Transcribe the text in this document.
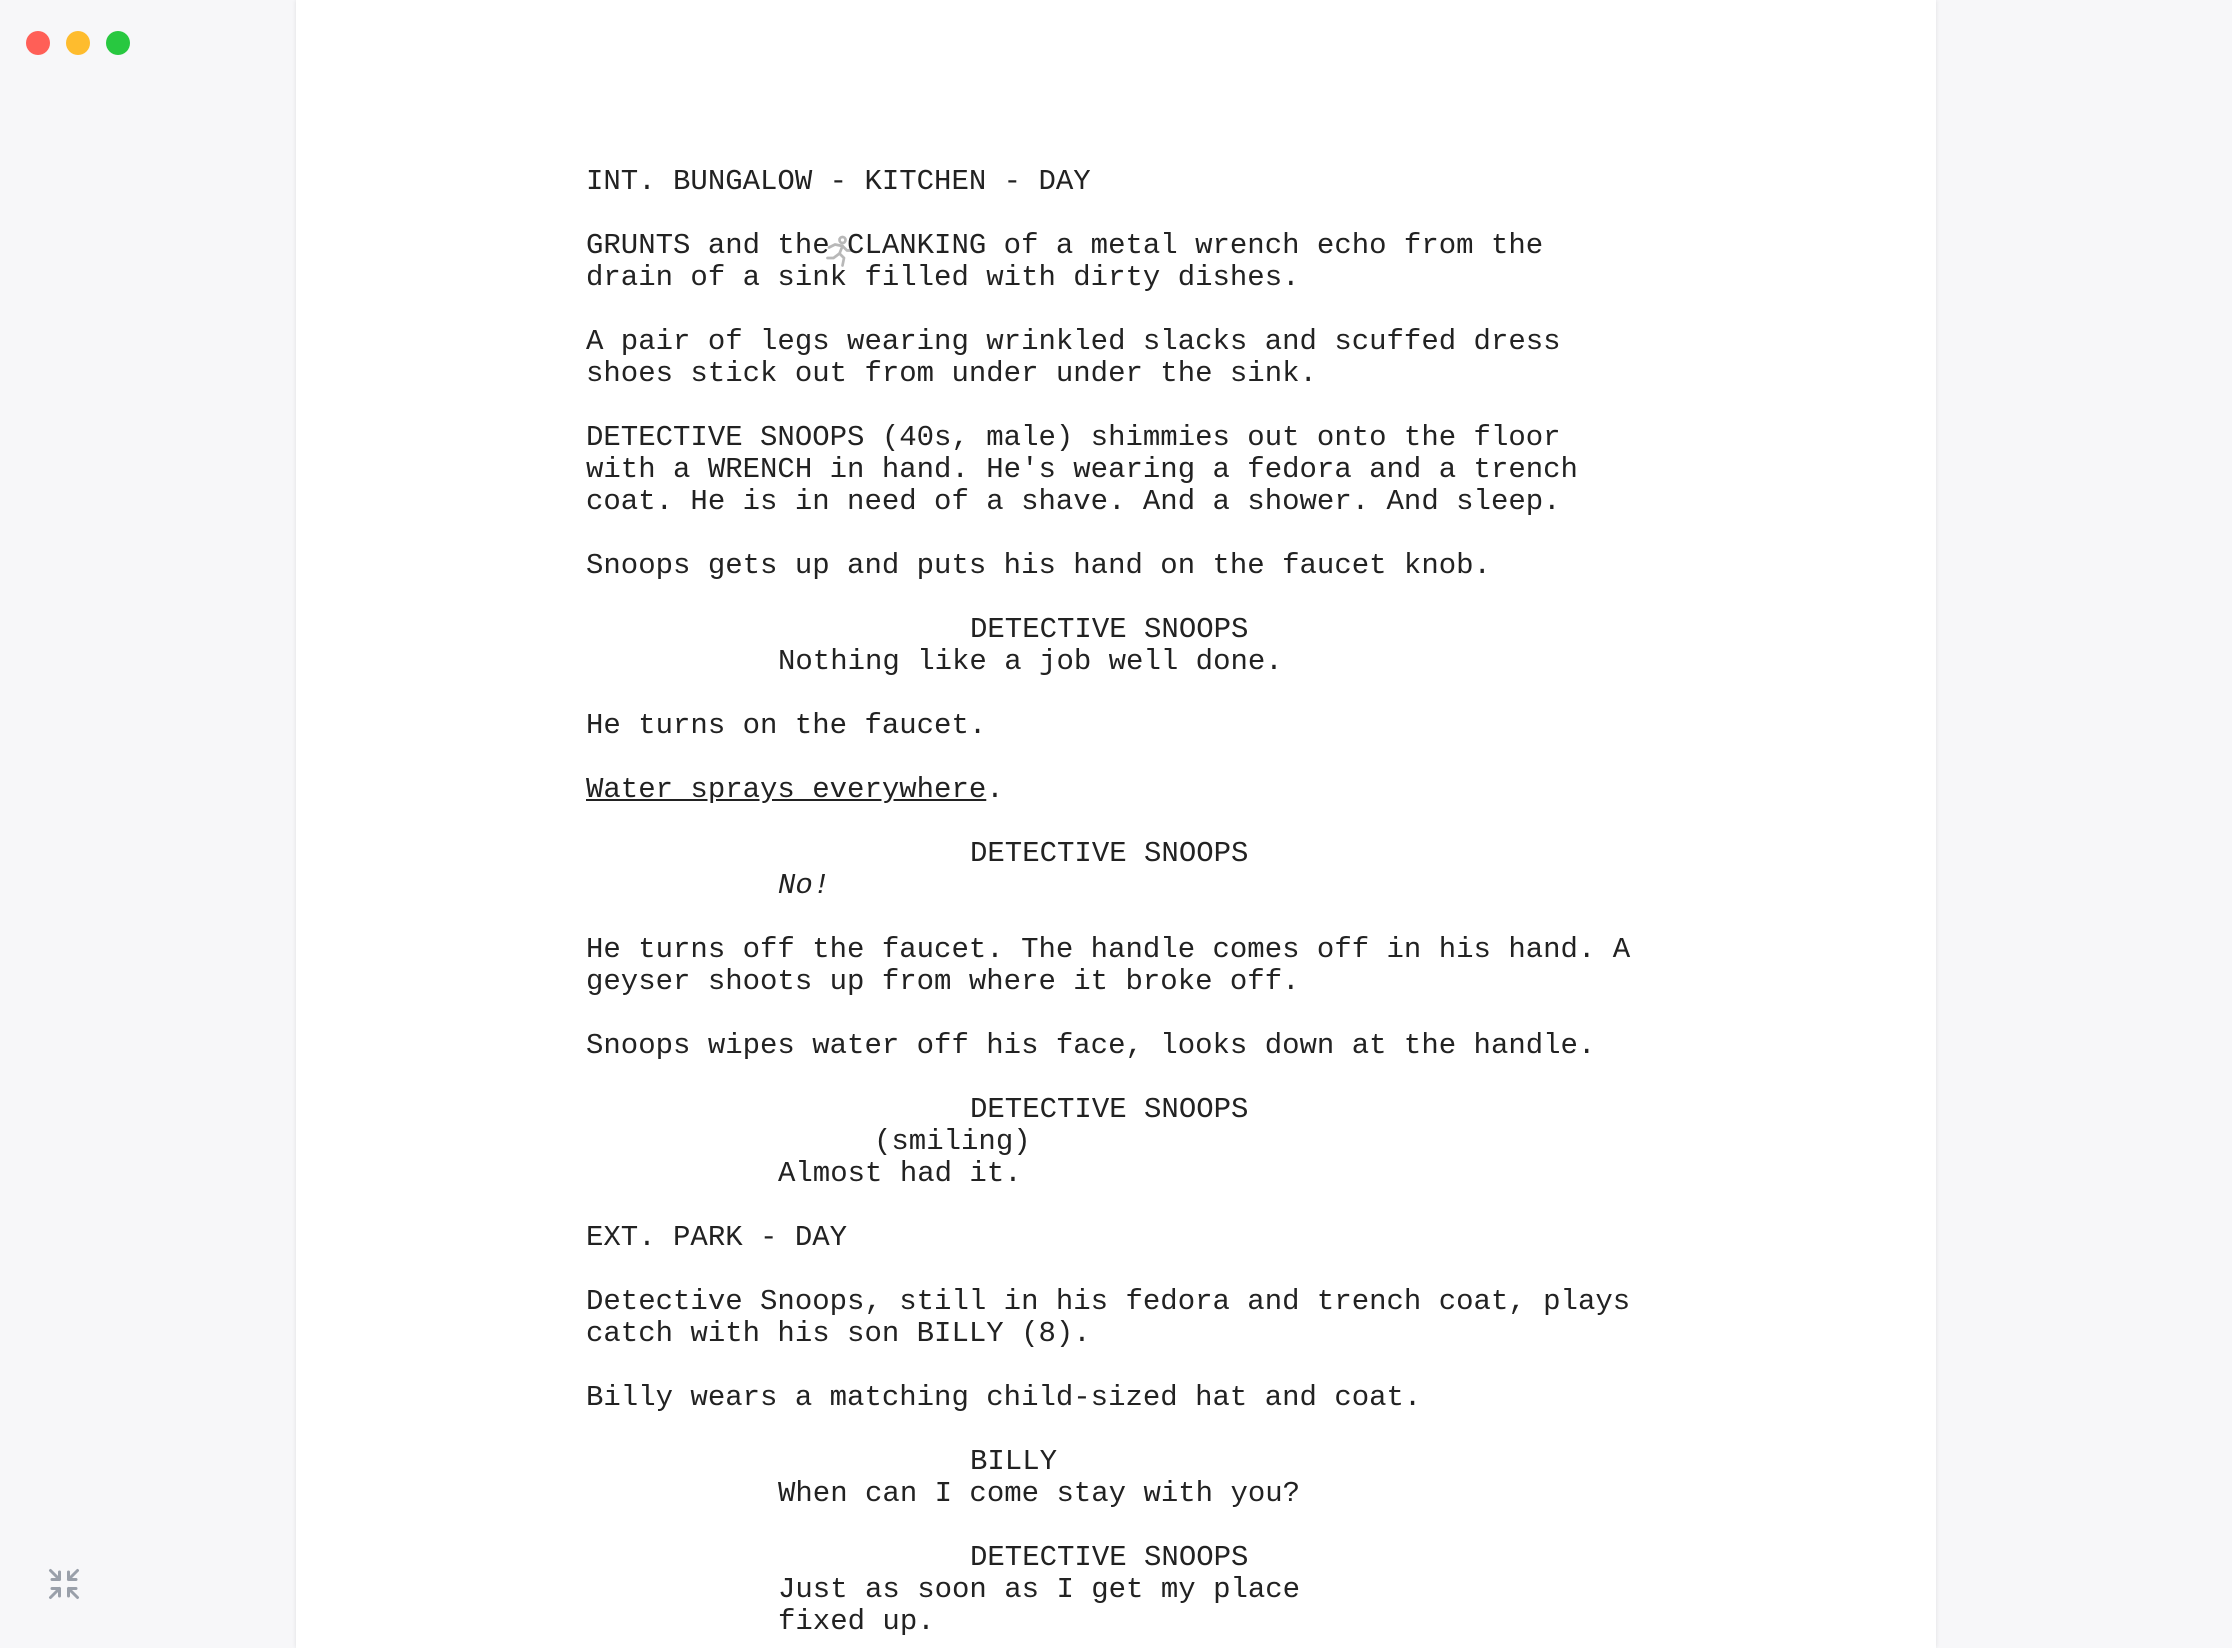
INT. BUNGALOW - KITCHEN - DAY
GRUNTS and the CLANKING of a metal wrench echo from the
drain of a sink filled with dirty dishes.
A pair of legs wearing wrinkled slacks and scuffed dress
shoes stick out from under under the sink.
DETECTIVE SNOOPS (40s, male) shimmies out onto the floor
with a WRENCH in hand. He's wearing a fedora and a trench
coat. He is in need of a shave. And a shower. And sleep.
Snoops gets up and puts his hand on the faucet knob.
DETECTIVE SNOOPS
Nothing like a job well done.
He turns on the faucet.
Water sprays everywhere.
DETECTIVE SNOOPS
No!
He turns off the faucet. The handle comes off in his hand. A
geyser shoots up from where it broke off.
Snoops wipes water off his face, looks down at the handle.
DETECTIVE SNOOPS
(smiling)
Almost had it.
EXT. PARK - DAY
Detective Snoops, still in his fedora and trench coat, plays
catch with his son BILLY (8).
Billy wears a matching child-sized hat and coat.
BILLY
When can I come stay with you?
DETECTIVE SNOOPS
Just as soon as I get my place
fixed up.
